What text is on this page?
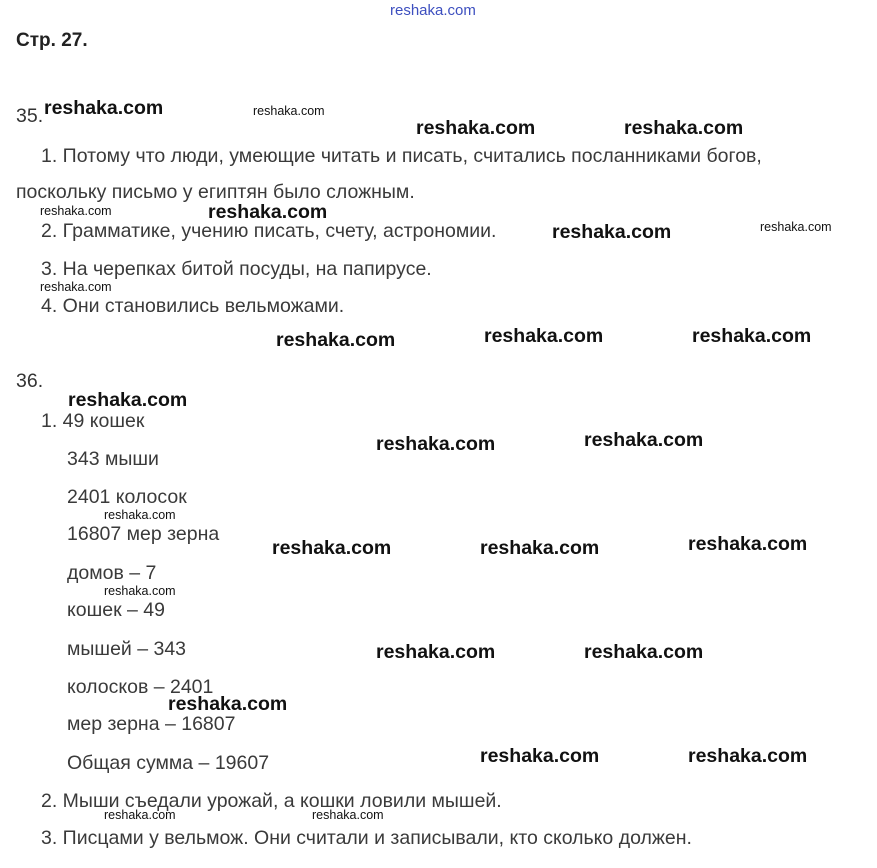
reshaka.com
Стр. 27.
35.
1. Потому что люди, умеющие читать и писать, считались посланниками богов,
поскольку письмо у египтян было сложным.
2. Грамматике, учению писать, счету, астрономии.
3. На черепках битой посуды, на папирусе.
4. Они становились вельможами.
36.
1. 49 кошек
343 мыши
2401 колосок
16807 мер зерна
домов – 7
кошек – 49
мышей – 343
колосков – 2401
мер зерна – 16807
Общая сумма – 19607
2. Мыши съедали урожай, а кошки ловили мышей.
3. Писцами у вельмож. Они считали и записывали, кто сколько должен.
reshaka.com
reshaka.com	reshaka.com
reshaka.com
reshaka.com
reshaka.com	reshaka.com	reshaka.com
reshaka.com
reshaka.com	reshaka.com
reshaka.com	reshaka.com	reshaka.com
reshaka.com	reshaka.com
reshaka.com
reshaka.com	reshaka.com
reshaka.com
reshaka.com
reshaka.com
reshaka.com
reshaka.com
reshaka.com
reshaka.com	reshaka.com
